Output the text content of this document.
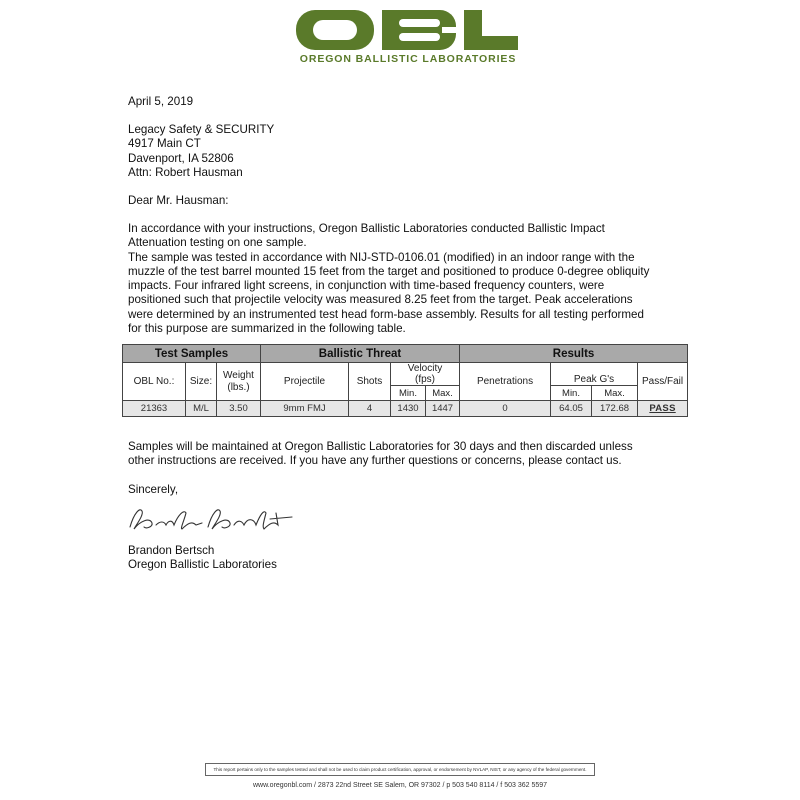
OREGON BALLISTIC LABORATORIES
April 5, 2019
Legacy Safety & SECURITY
4917 Main CT
Davenport, IA 52806
Attn: Robert Hausman
Dear Mr. Hausman:
In accordance with your instructions, Oregon Ballistic Laboratories conducted Ballistic Impact
Attenuation testing on one sample.
The sample was tested in accordance with NIJ-STD-0106.01 (modified) in an indoor range with the
muzzle of the test barrel mounted 15 feet from the target and positioned to produce 0-degree obliquity
impacts. Four infrared light screens, in conjunction with time-based frequency counters, were
positioned such that projectile velocity was measured 8.25 feet from the target. Peak accelerations
were determined by an instrumented test head form-base assembly. Results for all testing performed
for this purpose are summarized in the following table.
Test Samples			Ballistic Threat				Results			
OBL No.:	Size:	Weight (lbs.)	Projectile	Shots	Velocity (fps)		Penetrations	Peak G's		Pass/Fail
					Min.	Max.		Min.	Max.	
21363	M/L	3.50	9mm FMJ	4	1430	1447	0	64.05	172.68	PASS
Samples will be maintained at Oregon Ballistic Laboratories for 30 days and then discarded unless
other instructions are received. If you have any further questions or concerns, please contact us.
Sincerely,
Brandon Bertsch
Oregon Ballistic Laboratories
This report pertains only to the samples tested and shall not be used to claim product certification, approval, or endorsement by NVLAP, NIST, or any agency of the federal government.
www.oregonbl.com / 2873 22nd Street SE Salem, OR 97302 / p 503 540 8114 / f 503 362 5597
